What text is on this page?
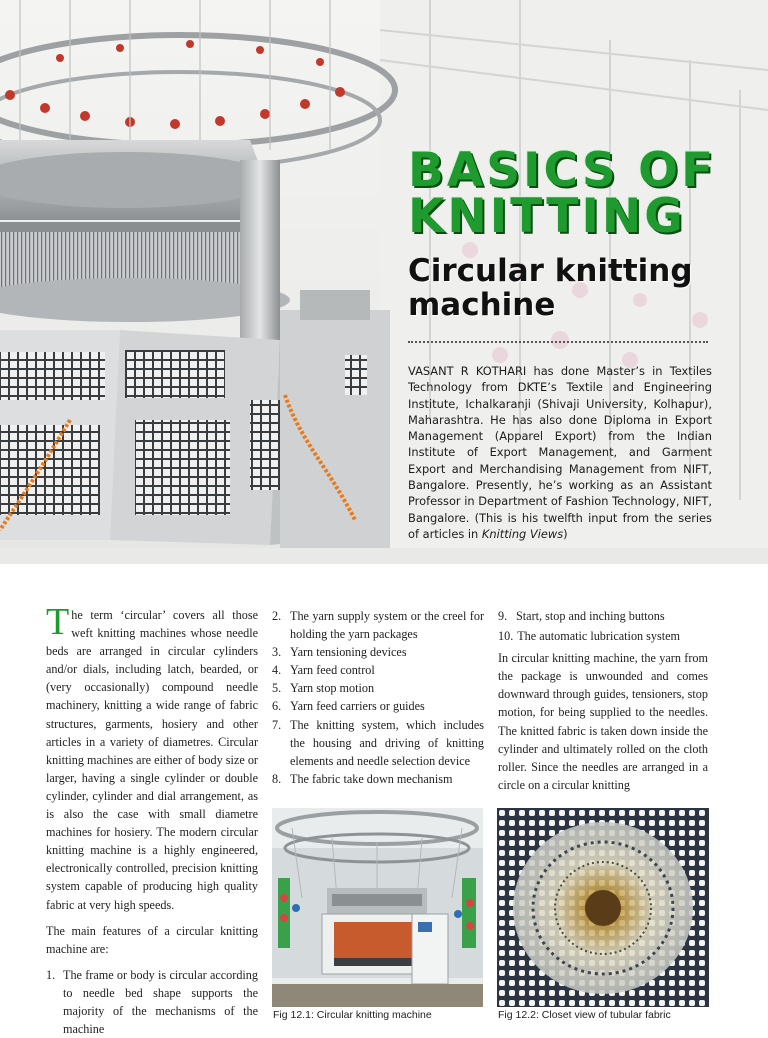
BASICS OF
KNITTING
Circular knitting
machine
VASANT R KOTHARI has done Master’s in Textiles Technology from DKTE’s Textile and Engineering Institute, Ichalkaranji (Shivaji University, Kolhapur), Maharashtra. He has also done Diploma in Export Management (Apparel Export) from the Indian Institute of Export Management, and Garment Export and Merchandising Management from NIFT, Bangalore. Presently, he’s working as an Assistant Professor in Department of Fashion Technology, NIFT, Bangalore. (This is his twelfth input from the series of articles in Knitting Views)

The term ‘circular’ covers all those weft knitting machines whose needle beds are arranged in circular cylinders and/or dials, including latch, bearded, or (very occasionally) compound needle machinery, knitting a wide range of fabric structures, garments, hosiery and other articles in a variety of diametres. Circular knitting machines are either of body size or larger, having a single cylinder or double cylinder, cylinder and dial arrangement, as is also the case with small diametre machines for hosiery. The modern circular knitting machine is a highly engineered, electronically controlled, precision knitting system capable of producing high quality fabric at very high speeds.

The main features of a circular knitting machine are:

1. The frame or body is circular according to needle bed shape supports the majority of the mechanisms of the machine
2. The yarn supply system or the creel for holding the yarn packages
3. Yarn tensioning devices
4. Yarn feed control
5. Yarn stop motion
6. Yarn feed carriers or guides
7. The knitting system, which includes the housing and driving of knitting elements and needle selection device
8. The fabric take down mechanism
9. Start, stop and inching buttons
10. The automatic lubrication system

In circular knitting machine, the yarn from the package is unwounded and comes downward through guides, tensioners, stop motion, for being supplied to the needles. The knitted fabric is taken down inside the cylinder and ultimately rolled on the cloth roller. Since the needles are arranged in a circle on a circular knitting

Fig 12.1: Circular knitting machine	Fig 12.2: Closet view of tubular fabric
